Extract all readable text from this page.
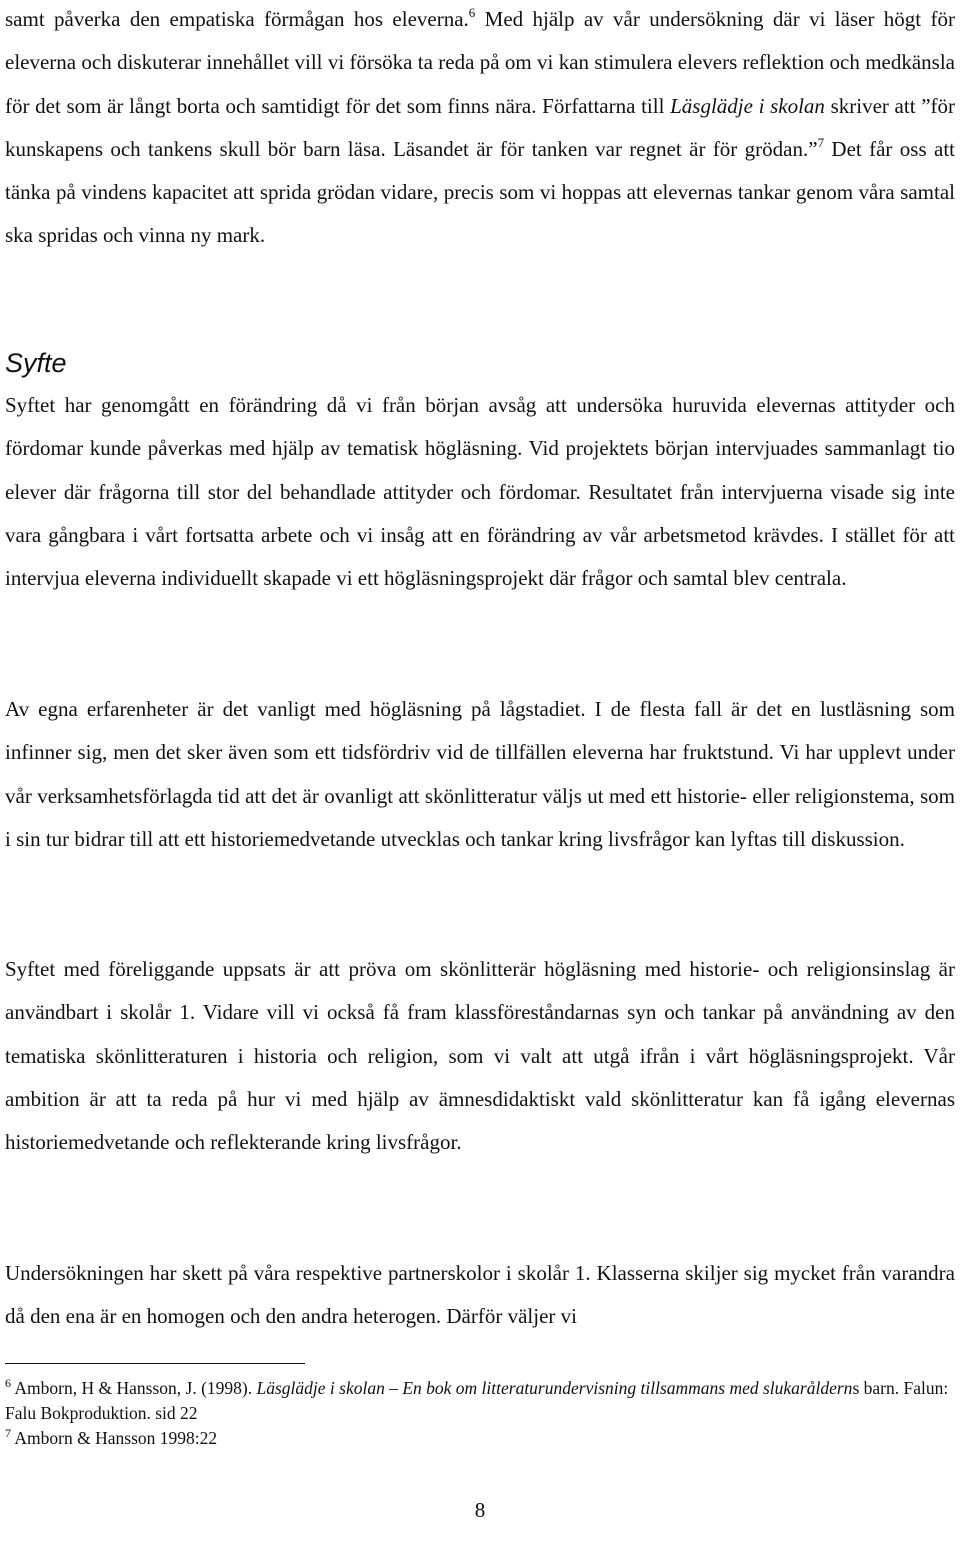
samt påverka den empatiska förmågan hos eleverna.$^6$ Med hjälp av vår undersökning där vi läser högt för eleverna och diskuterar innehållet vill vi försöka ta reda på om vi kan stimulera elevers reflektion och medkänsla för det som är långt borta och samtidigt för det som finns nära. Författarna till Läsglädje i skolan skriver att ”för kunskapens och tankens skull bör barn läsa. Läsandet är för tanken var regnet är för grödan.”$^7$ Det får oss att tänka på vindens kapacitet att sprida grödan vidare, precis som vi hoppas att elevernas tankar genom våra samtal ska spridas och vinna ny mark.

Syfte

Syftet har genomgått en förändring då vi från början avsåg att undersöka huruvida elevernas attityder och fördomar kunde påverkas med hjälp av tematisk högläsning. Vid projektets början intervjuades sammanlagt tio elever där frågorna till stor del behandlade attityder och fördomar. Resultatet från intervjuerna visade sig inte vara gångbara i vårt fortsatta arbete och vi insåg att en förändring av vår arbetsmetod krävdes. I stället för att intervjua eleverna individuellt skapade vi ett högläsningsprojekt där frågor och samtal blev centrala.

Av egna erfarenheter är det vanligt med högläsning på lågstadiet. I de flesta fall är det en lustläsning som infinner sig, men det sker även som ett tidsfördriv vid de tillfällen eleverna har fruktstund. Vi har upplevt under vår verksamhetsförlagda tid att det är ovanligt att skönlitteratur väljs ut med ett historie- eller religionstema, som i sin tur bidrar till att ett historiemedvetande utvecklas och tankar kring livsfrågor kan lyftas till diskussion.

Syftet med föreliggande uppsats är att pröva om skönlitterär högläsning med historie- och religionsinslag är användbart i skolår 1. Vidare vill vi också få fram klassföreståndarnas syn och tankar på användning av den tematiska skönlitteraturen i historia och religion, som vi valt att utgå ifrån i vårt högläsningsprojekt. Vår ambition är att ta reda på hur vi med hjälp av ämnesdidaktiskt vald skönlitteratur kan få igång elevernas historiemedvetande och reflekterande kring livsfrågor.

Undersökningen har skett på våra respektive partnerskolor i skolår 1. Klasserna skiljer sig mycket från varandra då den ena är en homogen och den andra heterogen. Därför väljer vi

$^6$ Amborn, H & Hansson, J. (1998). Läsglädje i skolan – En bok om litteraturundervisning tillsammans med slukarålderns barn. Falun: Falu Bokproduktion. sid 22

$^7$ Amborn & Hansson 1998:22

8
